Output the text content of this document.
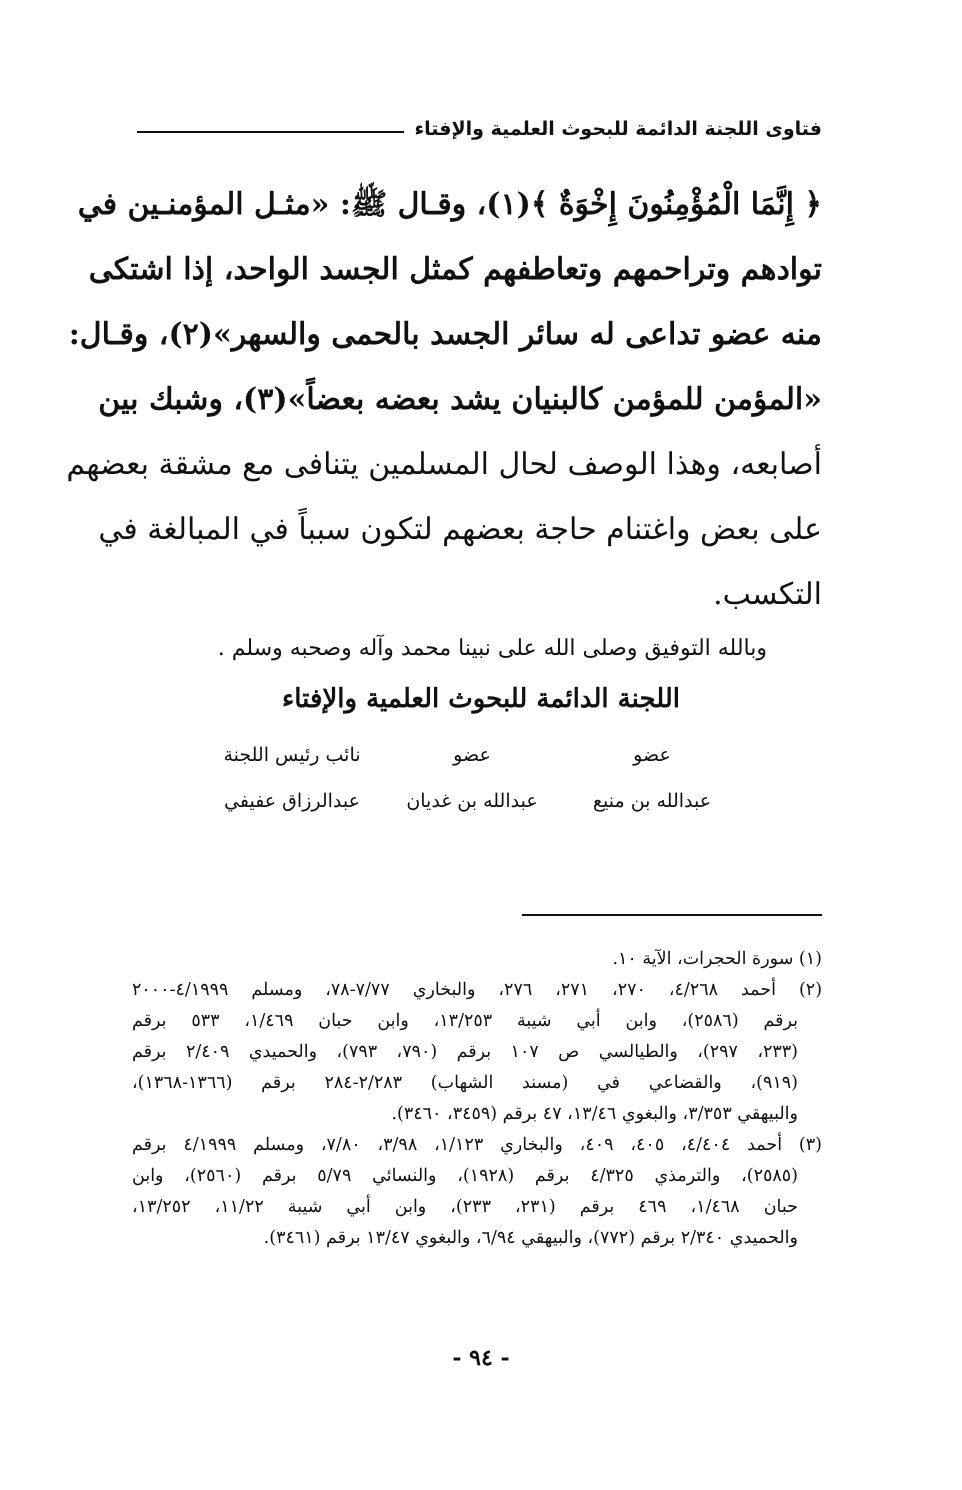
فتاوى اللجنة الدائمة للبحوث العلمية والإفتاء

﴿ إِنَّمَا الْمُؤْمِنُونَ إِخْوَةٌ ﴾(١)، وقـال ﷺ: «مثـل المؤمنـين في
توادهم وتراحمهم وتعاطفهم كمثل الجسد الواحد، إذا اشتكى
منه عضو تداعى له سائر الجسد بالحمى والسهر»(٢)، وقـال:
«المؤمن للمؤمن كالبنيان يشد بعضه بعضاً»(٣)، وشبك بين
أصابعه، وهذا الوصف لحال المسلمين يتنافى مع مشقة بعضهم
على بعض واغتنام حاجة بعضهم لتكون سبباً في المبالغة في
التكسب.

وبالله التوفيق وصلى الله على نبينا محمد وآله وصحبه وسلم .
اللجنة الدائمة للبحوث العلمية والإفتاء
عضو
عضو
نائب رئيس اللجنة
عبدالله بن منيع
عبدالله بن غديان
عبدالرزاق عفيفي

(١) سورة الحجرات، الآية ١٠.

(٢) أحمد ٤/٢٦٨، ٢٧٠، ٢٧١، ٢٧٦، والبخاري ٧/٧٧-٧٨، ومسلم ٤/١٩٩٩-٢٠٠٠
برقم (٢٥٨٦)، وابن أبي شيبة ١٣/٢٥٣، وابن حبان ١/٤٦٩، ٥٣٣ برقم
(٢٣٣، ٢٩٧)، والطيالسي ص ١٠٧ برقم (٧٩٠، ٧٩٣)، والحميدي ٢/٤٠٩ برقم
(٩١٩)، والقضاعي في (مسند الشهاب) ٢/٢٨٣-٢٨٤ برقم (١٣٦٦-١٣٦٨)،
والبيهقي ٣/٣٥٣، والبغوي ١٣/٤٦، ٤٧ برقم (٣٤٥٩، ٣٤٦٠).

(٣) أحمد ٤/٤٠٤، ٤٠٥، ٤٠٩، والبخاري ١/١٢٣، ٣/٩٨، ٧/٨٠، ومسلم ٤/١٩٩٩ برقم
(٢٥٨٥)، والترمذي ٤/٣٢٥ برقم (١٩٢٨)، والنسائي ٥/٧٩ برقم (٢٥٦٠)، وابن
حبان ١/٤٦٨، ٤٦٩ برقم (٢٣١، ٢٣٣)، وابن أبي شيبة ١١/٢٢، ١٣/٢٥٢،
والحميدي ٢/٣٤٠ برقم (٧٧٢)، والبيهقي ٦/٩٤، والبغوي ١٣/٤٧ برقم (٣٤٦١).

- ٩٤ -
